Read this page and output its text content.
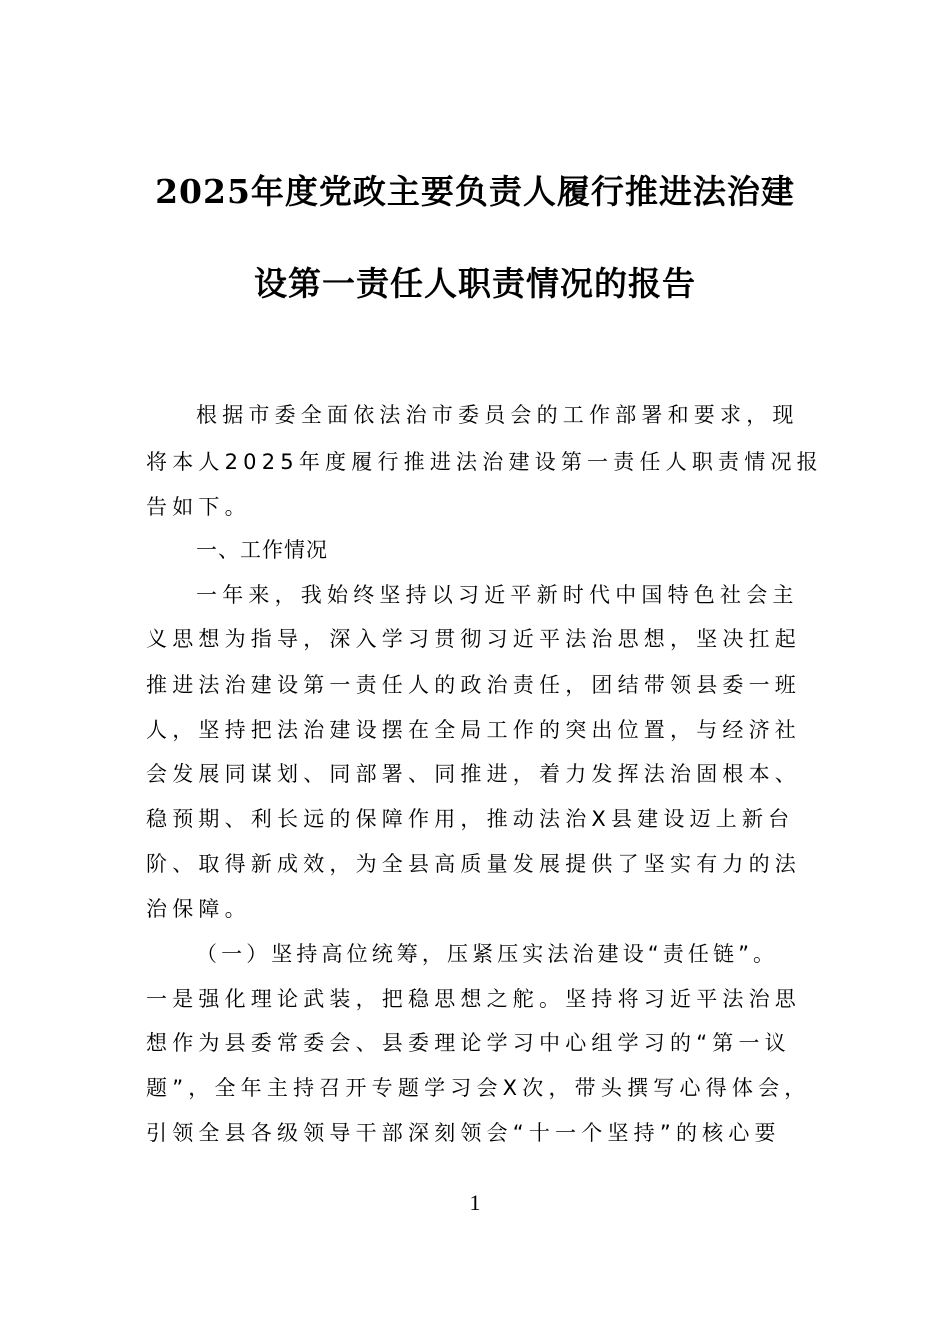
2025年度党政主要负责人履行推进法治建
设第一责任人职责情况的报告
根据市委全面依法治市委员会的工作部署和要求，现
将本人2025年度履行推进法治建设第一责任人职责情况报
告如下。
一、工作情况
一年来，我始终坚持以习近平新时代中国特色社会主
义思想为指导，深入学习贯彻习近平法治思想，坚决扛起
推进法治建设第一责任人的政治责任，团结带领县委一班
人，坚持把法治建设摆在全局工作的突出位置，与经济社
会发展同谋划、同部署、同推进，着力发挥法治固根本、
稳预期、利长远的保障作用，推动法治X县建设迈上新台
阶、取得新成效，为全县高质量发展提供了坚实有力的法
治保障。
（一）坚持高位统筹，压紧压实法治建设“责任链”。
一是强化理论武装，把稳思想之舵。坚持将习近平法治思
想作为县委常委会、县委理论学习中心组学习的“第一议
题”，全年主持召开专题学习会X次，带头撰写心得体会，
引领全县各级领导干部深刻领会“十一个坚持”的核心要
1
